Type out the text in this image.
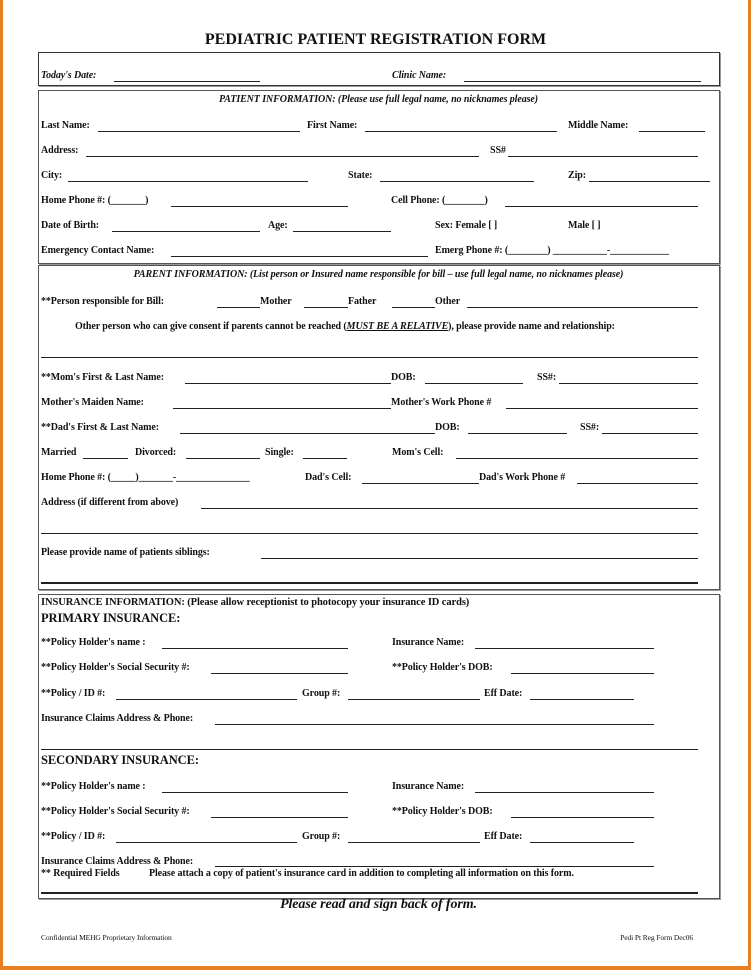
PEDIATRIC PATIENT REGISTRATION FORM
Today's Date:	Clinic Name:
PATIENT INFORMATION: (Please use full legal name, no nicknames please)
Last Name:	First Name:	Middle Name:
Address:	SS#
City:	State:	Zip:
Home Phone #: (_______)	Cell Phone: (________)
Date of Birth:	Age:	Sex: Female [ ]	Male [ ]
Emergency Contact Name:	Emerg Phone #: (________) ___________-____________
PARENT INFORMATION: (List person or Insured name responsible for bill – use full legal name, no nicknames please)
**Person responsible for Bill:	Mother	Father	Other
Other person who can give consent if parents cannot be reached (MUST BE A RELATIVE), please provide name and relationship:
**Mom's First & Last Name:	DOB:	SS#:
Mother's Maiden Name:	Mother's Work Phone #
**Dad's First & Last Name:	DOB:	SS#:
Married	Divorced:	Single:	Mom's Cell:
Home Phone #: (_____)_______-_______________	Dad's Cell:	Dad's Work Phone #
Address (if different from above)
Please provide name of patients siblings:
INSURANCE INFORMATION: (Please allow receptionist to photocopy your insurance ID cards)
PRIMARY INSURANCE:
**Policy Holder's name :	Insurance Name:
**Policy Holder's Social Security #:	**Policy Holder's DOB:
**Policy / ID #:	Group #:	Eff Date:
Insurance Claims Address & Phone:
SECONDARY INSURANCE:
**Policy Holder's name :	Insurance Name:
**Policy Holder's Social Security #:	**Policy Holder's DOB:
**Policy / ID #:	Group #:	Eff Date:
Insurance Claims Address & Phone:
** Required Fields	Please attach a copy of patient's insurance card in addition to completing all information on this form.
Please read and sign back of form.
Confidential MEHG Proprietary Information	Pedi Pt Reg Form Dec06
